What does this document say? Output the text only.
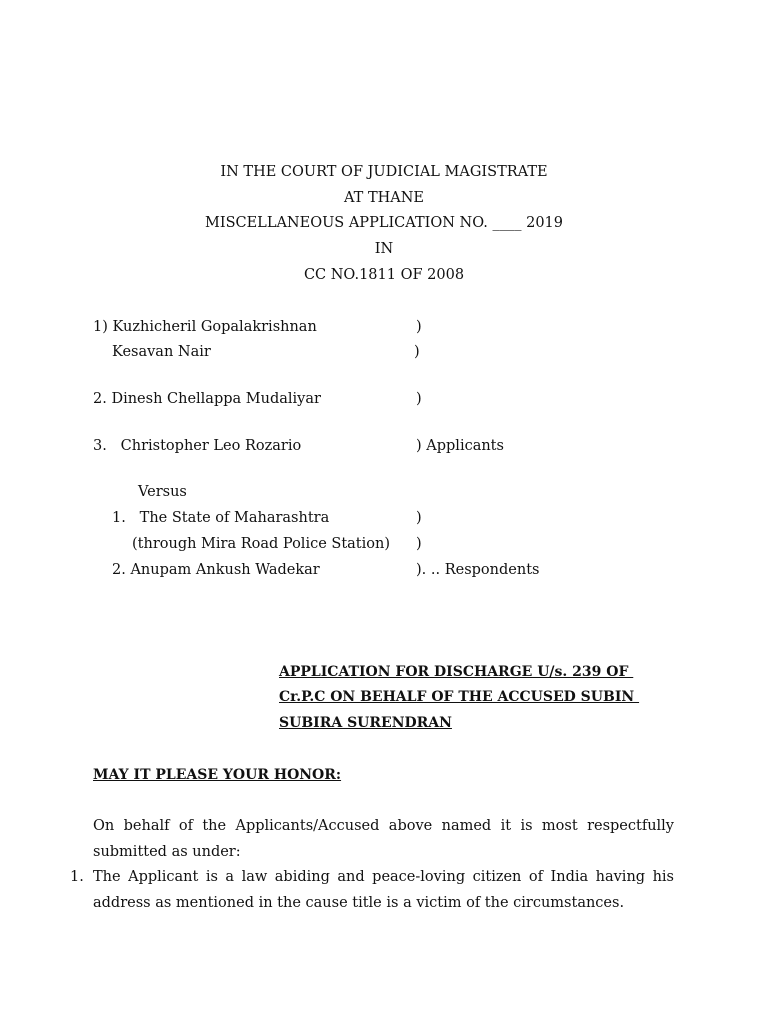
IN THE COURT OF JUDICIAL MAGISTRATE
AT THANE
MISCELLANEOUS APPLICATION NO. ____ 2019
IN
CC NO.1811 OF 2008
1) Kuzhicheril Gopalakrishnan	)
Kesavan Nair	)
2. Dinesh Chellappa Mudaliyar	)
3.   Christopher Leo Rozario	) Applicants
Versus
1.   The State of Maharashtra	)
(through Mira Road Police Station) )
2. Anupam Ankush Wadekar	). .. Respondents
APPLICATION FOR DISCHARGE U/s. 239 OF
Cr.P.C ON BEHALF OF THE ACCUSED SUBIN
SUBIRA SURENDRAN
MAY IT PLEASE YOUR HONOR:
On behalf of the Applicants/Accused above named it is most respectfully
submitted as under:
1. The Applicant is a law abiding and peace-loving citizen of India having his
address as mentioned in the cause title is a victim of the circumstances.
